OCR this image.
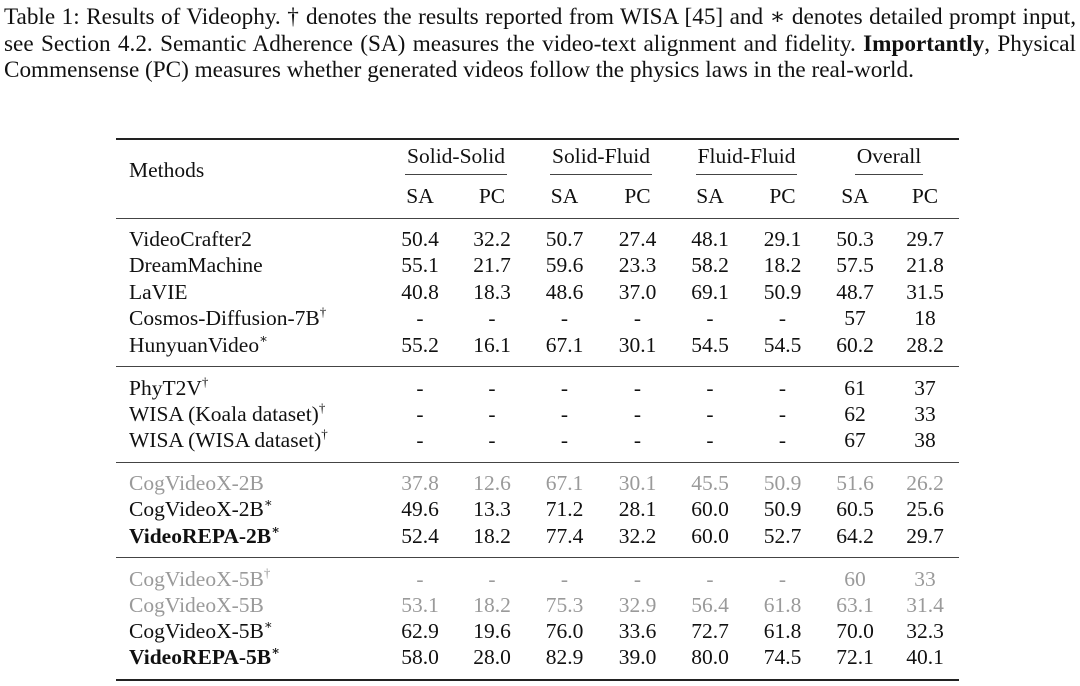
Table 1: Results of Videophy. † denotes the results reported from WISA [45] and ∗ denotes detailed prompt input, see Section 4.2. Semantic Adherence (SA) measures the video-text alignment and fidelity. Importantly, Physical Commensense (PC) measures whether generated videos follow the physics laws in the real-world.
Methods	Solid-Solid		Solid-Fluid		Fluid-Fluid		Overall	
	SA	PC	SA	PC	SA	PC	SA	PC
VideoCrafter2	50.4	32.2	50.7	27.4	48.1	29.1	50.3	29.7
DreamMachine	55.1	21.7	59.6	23.3	58.2	18.2	57.5	21.8
LaVIE	40.8	18.3	48.6	37.0	69.1	50.9	48.7	31.5
Cosmos-Diffusion-7B†	-	-	-	-	-	-	57	18
HunyuanVideo∗	55.2	16.1	67.1	30.1	54.5	54.5	60.2	28.2
PhyT2V†	-	-	-	-	-	-	61	37
WISA (Koala dataset)†	-	-	-	-	-	-	62	33
WISA (WISA dataset)†	-	-	-	-	-	-	67	38
CogVideoX-2B	37.8	12.6	67.1	30.1	45.5	50.9	51.6	26.2
CogVideoX-2B∗	49.6	13.3	71.2	28.1	60.0	50.9	60.5	25.6
VideoREPA-2B∗	52.4	18.2	77.4	32.2	60.0	52.7	64.2	29.7
CogVideoX-5B†	-	-	-	-	-	-	60	33
CogVideoX-5B	53.1	18.2	75.3	32.9	56.4	61.8	63.1	31.4
CogVideoX-5B∗	62.9	19.6	76.0	33.6	72.7	61.8	70.0	32.3
VideoREPA-5B∗	58.0	28.0	82.9	39.0	80.0	74.5	72.1	40.1
